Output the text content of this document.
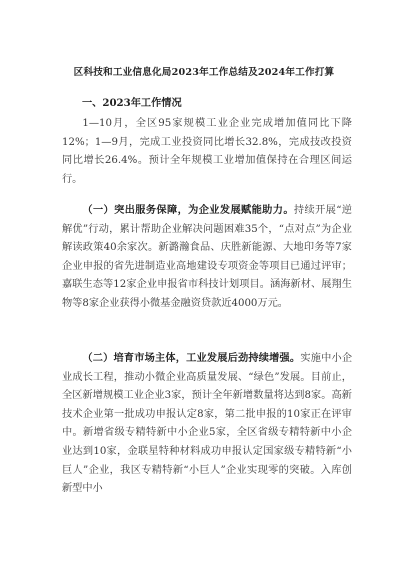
区科技和工业信息化局2023年工作总结及2024年工作打算
一、2023年工作情况

1—10月，全区95家规模工业企业完成增加值同比下降12%；1—9月，完成工业投资同比增长32.8%，完成技改投资同比增长26.4%。预计全年规模工业增加值保持在合理区间运行。

（一）突出服务保障，为企业发展赋能助力。持续开展“逆解优”行动，累计帮助企业解决问题困难35个，“点对点”为企业解读政策40余家次。新潞瀚食品、庆胜新能源、大地印务等7家企业申报的省先进制造业高地建设专项资金等项目已通过评审；嘉联生态等12家企业申报省市科技计划项目。涵海新材、展翔生物等8家企业获得小微基金融资贷款近4000万元。

（二）培育市场主体，工业发展后劲持续增强。实施中小企业成长工程，推动小微企业高质量发展、“绿色”发展。目前止，全区新增规模工业企业3家，预计全年新增数量将达到8家。高新技术企业第一批成功申报认定8家，第二批申报的10家正在评审中。新增省级专精特新中小企业5家，全区省级专精特新中小企业达到10家，金联星特种材料成功申报认定国家级专精特新“小巨人”企业，我区专精特新“小巨人”企业实现零的突破。入库创新型中小
